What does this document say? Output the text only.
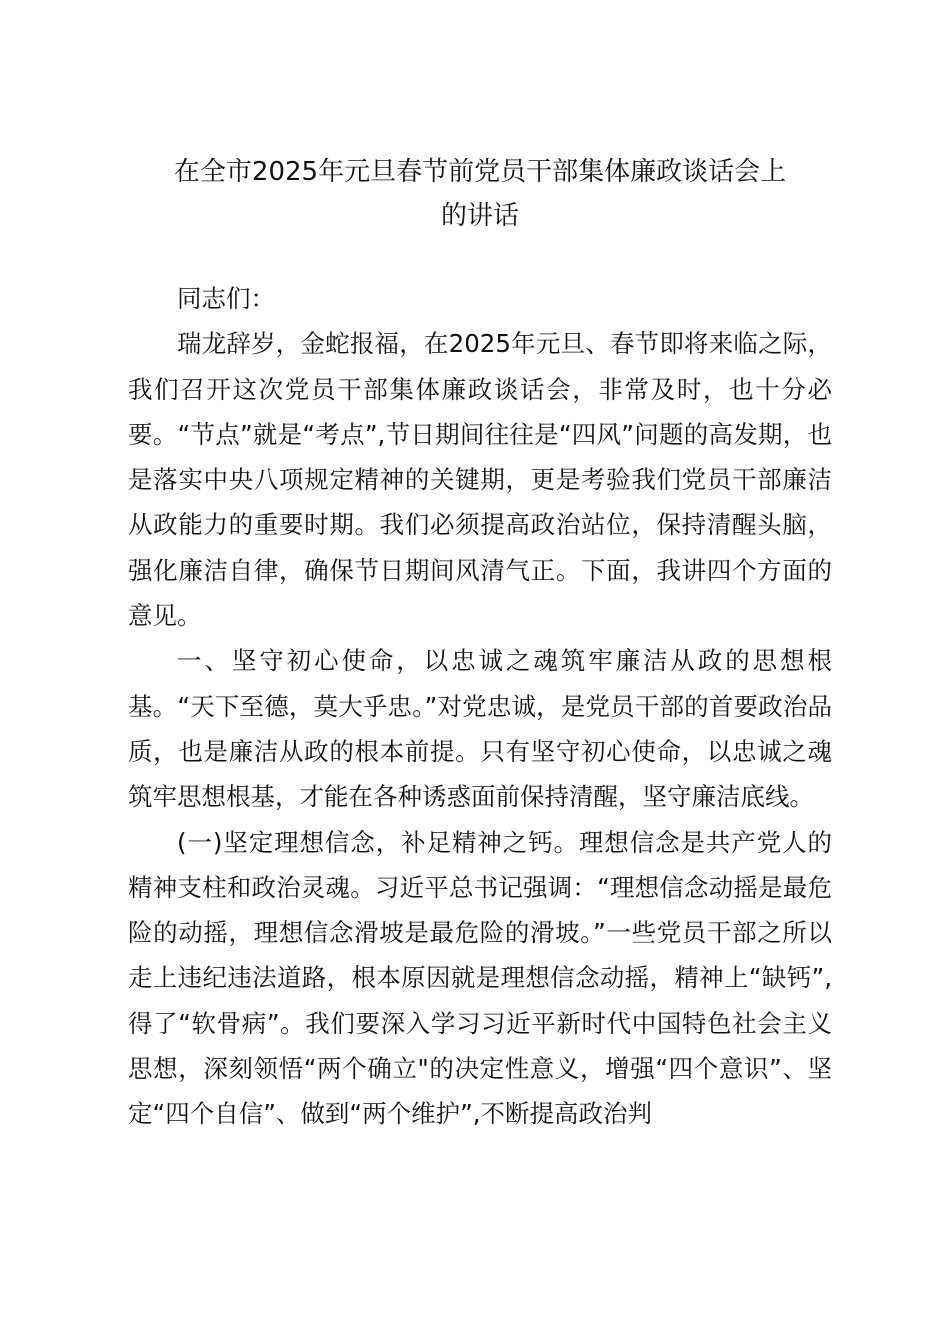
在全市2025年元旦春节前党员干部集体廉政谈话会上
的讲话

同志们：

瑞龙辞岁，金蛇报福，在2025年元旦、春节即将来临之际，我们召开这次党员干部集体廉政谈话会，非常及时，也十分必要。“节点”就是“考点”,节日期间往往是“四风”问题的高发期，也是落实中央八项规定精神的关键期，更是考验我们党员干部廉洁从政能力的重要时期。我们必须提高政治站位，保持清醒头脑，强化廉洁自律，确保节日期间风清气正。下面，我讲四个方面的意见。

一、坚守初心使命，以忠诚之魂筑牢廉洁从政的思想根基。“天下至德，莫大乎忠。”对党忠诚，是党员干部的首要政治品质，也是廉洁从政的根本前提。只有坚守初心使命，以忠诚之魂筑牢思想根基，才能在各种诱惑面前保持清醒，坚守廉洁底线。

(一)坚定理想信念，补足精神之钙。理想信念是共产党人的精神支柱和政治灵魂。习近平总书记强调：“理想信念动摇是最危险的动摇，理想信念滑坡是最危险的滑坡。”一些党员干部之所以走上违纪违法道路，根本原因就是理想信念动摇，精神上“缺钙”,得了“软骨病”。我们要深入学习习近平新时代中国特色社会主义思想，深刻领悟“两个确立"的决定性意义，增强“四个意识”、坚定“四个自信”、做到“两个维护”,不断提高政治判
